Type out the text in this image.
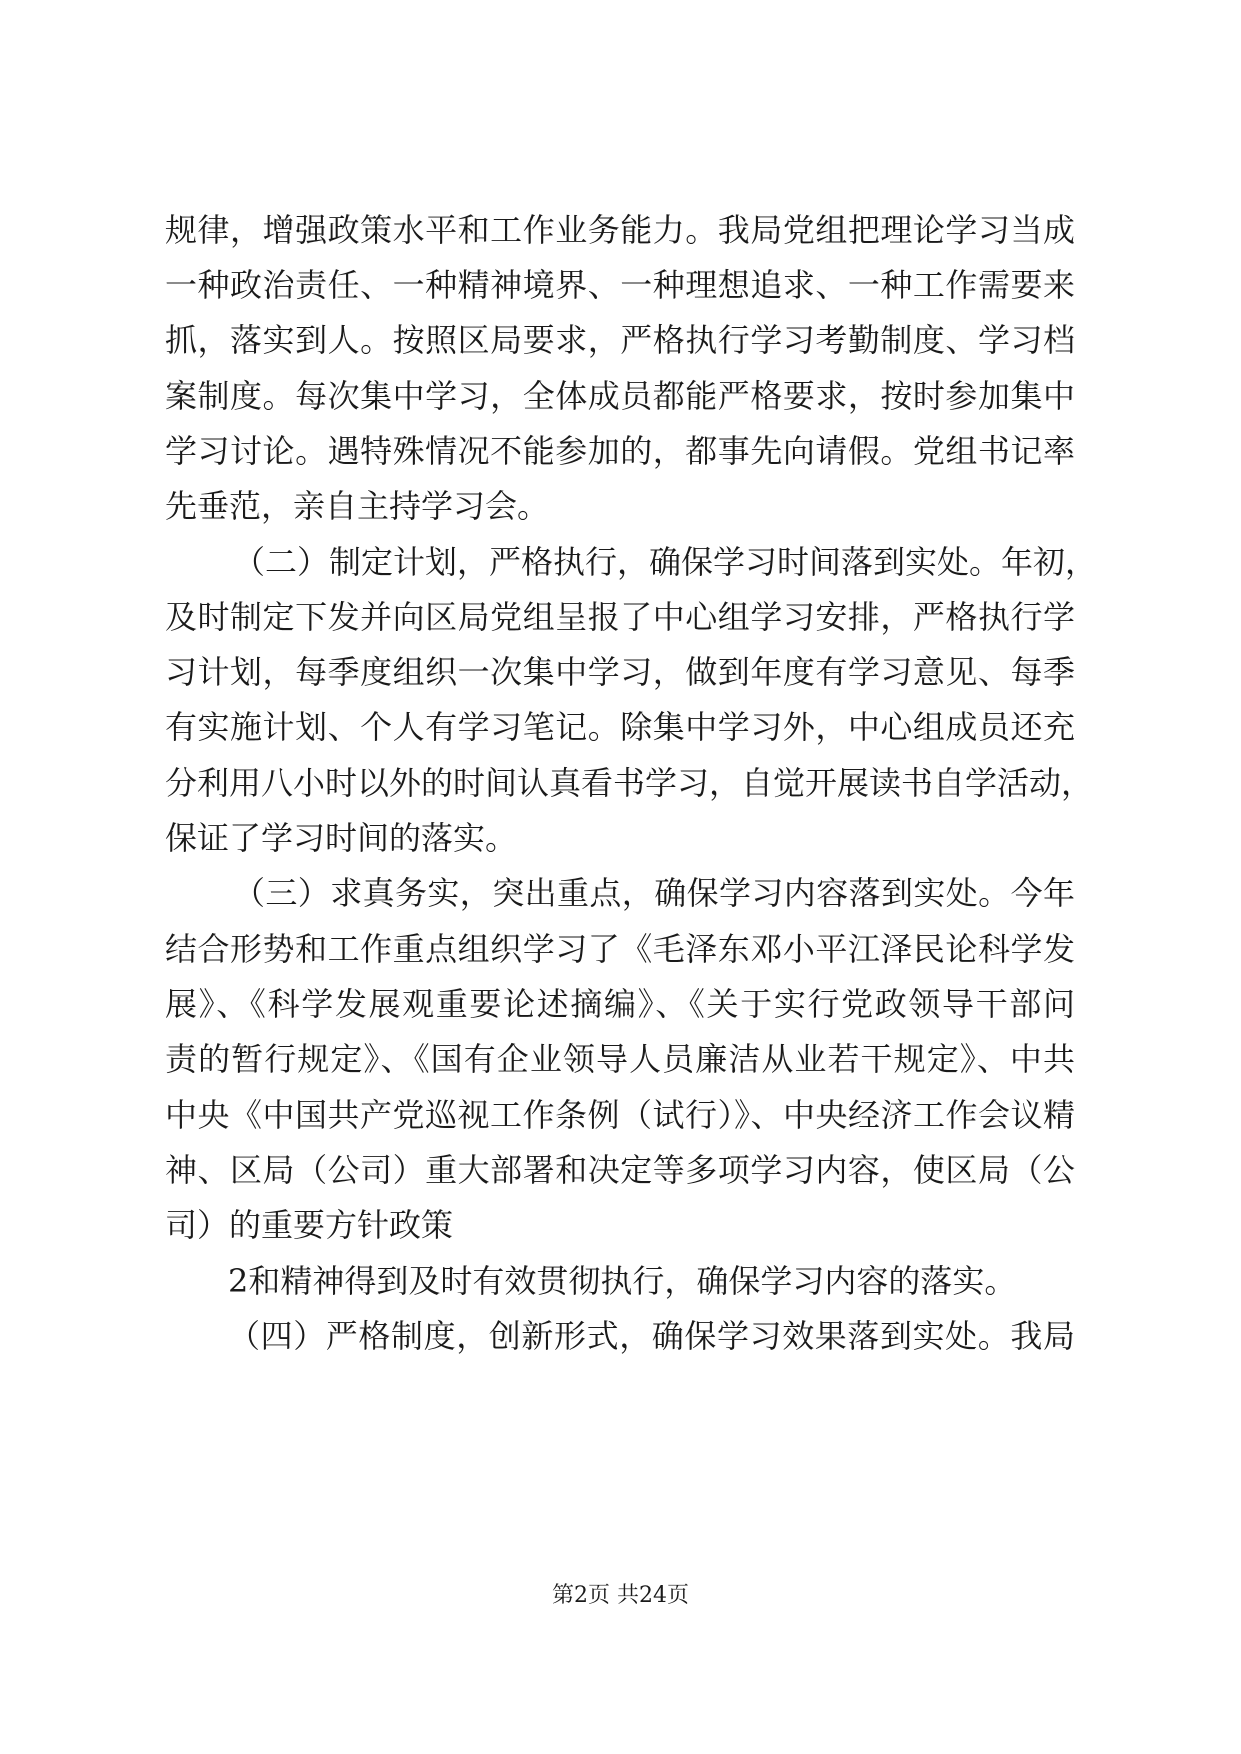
规律，增强政策水平和工作业务能力。我局党组把理论学习当成
一种政治责任、一种精神境界、一种理想追求、一种工作需要来
抓，落实到人。按照区局要求，严格执行学习考勤制度、学习档
案制度。每次集中学习，全体成员都能严格要求，按时参加集中
学习讨论。遇特殊情况不能参加的，都事先向请假。党组书记率
先垂范，亲自主持学习会。
（二）制定计划，严格执行，确保学习时间落到实处。年初，
及时制定下发并向区局党组呈报了中心组学习安排，严格执行学
习计划，每季度组织一次集中学习，做到年度有学习意见、每季
有实施计划、个人有学习笔记。除集中学习外，中心组成员还充
分利用八小时以外的时间认真看书学习，自觉开展读书自学活动，
保证了学习时间的落实。
（三）求真务实，突出重点，确保学习内容落到实处。今年
结合形势和工作重点组织学习了《毛泽东邓小平江泽民论科学发
展》、《科学发展观重要论述摘编》、《关于实行党政领导干部问
责的暂行规定》、《国有企业领导人员廉洁从业若干规定》、中共
中央《中国共产党巡视工作条例（试行）》、中央经济工作会议精
神、区局（公司）重大部署和决定等多项学习内容，使区局（公
司）的重要方针政策
2和精神得到及时有效贯彻执行，确保学习内容的落实。
（四）严格制度，创新形式，确保学习效果落到实处。我局
第2页 共24页
